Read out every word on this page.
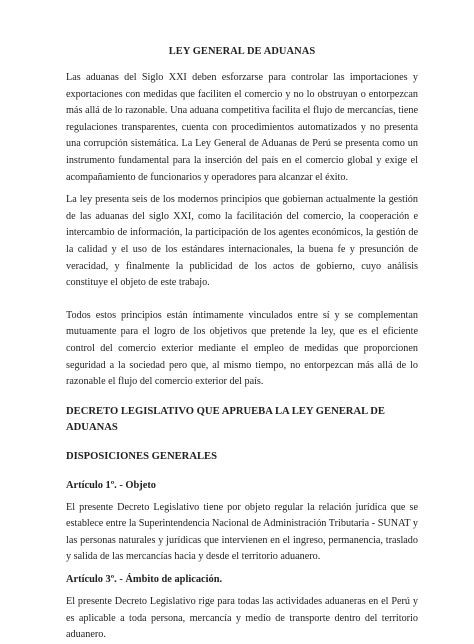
LEY GENERAL DE ADUANAS

Las aduanas del Siglo XXI deben esforzarse para controlar las importaciones y exportaciones con medidas que faciliten el comercio y no lo obstruyan o entorpezcan más allá de lo razonable. Una aduana competitiva facilita el flujo de mercancías, tiene regulaciones transparentes, cuenta con procedimientos automatizados y no presenta una corrupción sistemática. La Ley General de Aduanas de Perú se presenta como un instrumento fundamental para la inserción del país en el comercio global y exige el acompañamiento de funcionarios y operadores para alcanzar el éxito.

La ley presenta seis de los modernos principios que gobiernan actualmente la gestión de las aduanas del siglo XXI, como la facilitación del comercio, la cooperación e intercambio de información, la participación de los agentes económicos, la gestión de la calidad y el uso de los estándares internacionales, la buena fe y presunción de veracidad, y finalmente la publicidad de los actos de gobierno, cuyo análisis constituye el objeto de este trabajo.

Todos estos principios están íntimamente vinculados entre sí y se complementan mutuamente para el logro de los objetivos que pretende la ley, que es el eficiente control del comercio exterior mediante el empleo de medidas que proporcionen seguridad a la sociedad pero que, al mismo tiempo, no entorpezcan más allá de lo razonable el flujo del comercio exterior del país.

DECRETO LEGISLATIVO QUE APRUEBA LA LEY GENERAL DE ADUANAS
DISPOSICIONES GENERALES
Artículo 1º. - Objeto

El presente Decreto Legislativo tiene por objeto regular la relación jurídica que se establece entre la Superintendencia Nacional de Administración Tributaria - SUNAT y las personas naturales y jurídicas que intervienen en el ingreso, permanencia, traslado y salida de las mercancías hacia y desde el territorio aduanero.

Artículo 3º. - Ámbito de aplicación.

El presente Decreto Legislativo rige para todas las actividades aduaneras en el Perú y es aplicable a toda persona, mercancía y medio de transporte dentro del territorio aduanero.
